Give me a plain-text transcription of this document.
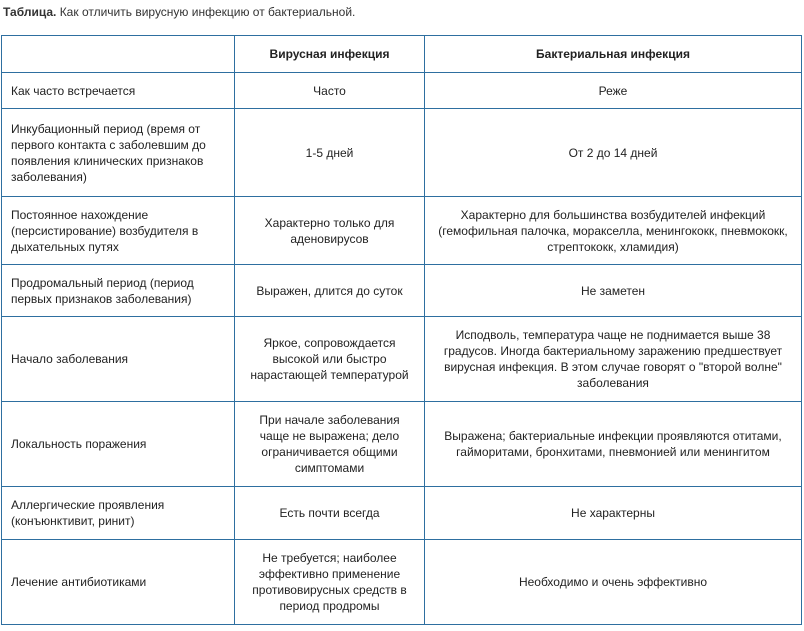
Таблица. Как отличить вирусную инфекцию от бактериальной.
	Вирусная инфекция	Бактериальная инфекция
Как часто встречается	Часто	Реже
Инкубационный период (время от первого контакта с заболевшим до появления клинических признаков заболевания)	1-5 дней	От 2 до 14 дней
Постоянное нахождение (персистирование) возбудителя в дыхательных путях	Характерно только для аденовирусов	Характерно для большинства возбудителей инфекций (гемофильная палочка, моракселла, менингококк, пневмококк, стрептококк, хламидия)
Продромальный период (период первых признаков заболевания)	Выражен, длится до суток	Не заметен
Начало заболевания	Яркое, сопровождается высокой или быстро нарастающей температурой	Исподволь, температура чаще не поднимается выше 38 градусов. Иногда бактериальному заражению предшествует вирусная инфекция. В этом случае говорят о "второй волне" заболевания
Локальность поражения	При начале заболевания чаще не выражена; дело ограничивается общими симптомами	Выражена; бактериальные инфекции проявляются отитами, гайморитами, бронхитами, пневмонией или менингитом
Аллергические проявления (конъюнктивит, ринит)	Есть почти всегда	Не характерны
Лечение антибиотиками	Не требуется; наиболее эффективно применение противовирусных средств в период продромы	Необходимо и очень эффективно
